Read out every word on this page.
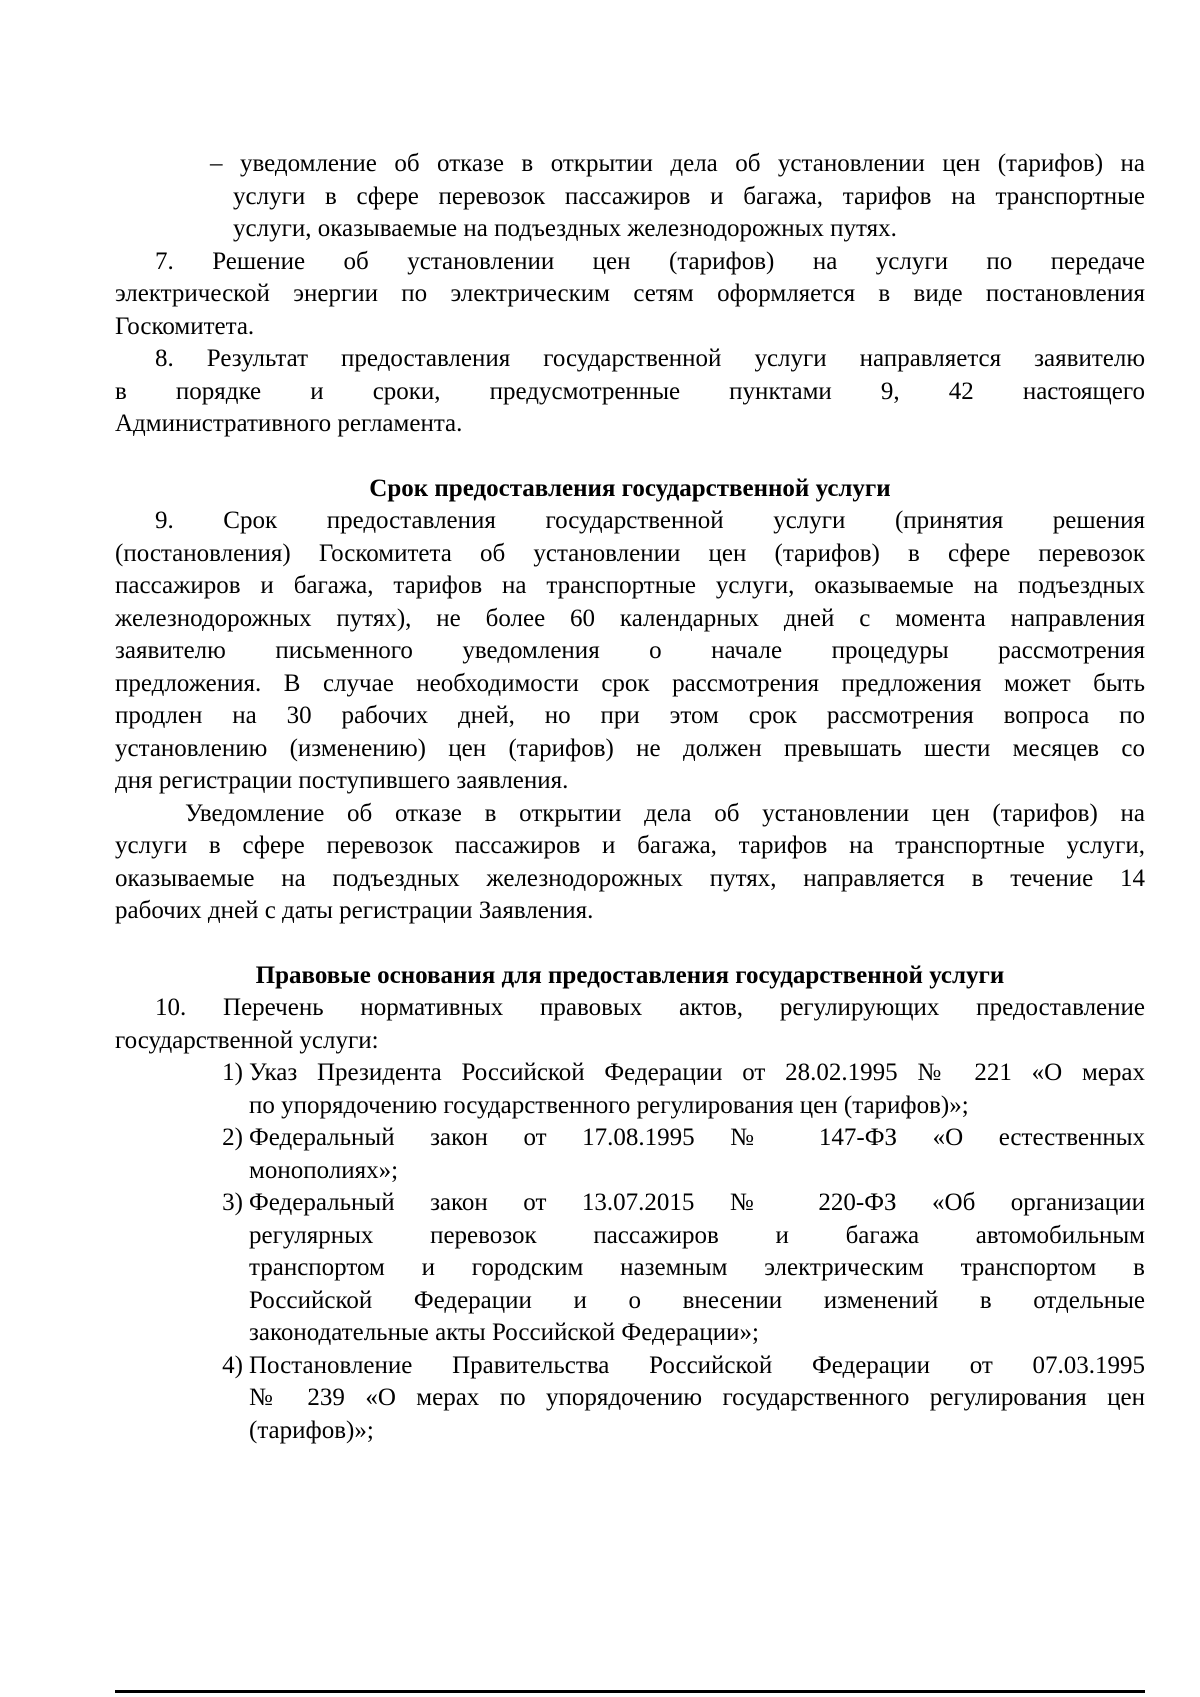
– уведомление об отказе в открытии дела об установлении цен (тарифов) на

услуги в сфере перевозок пассажиров и багажа, тарифов на транспортные

услуги, оказываемые на подъездных железнодорожных путях.

7. Решение об установлении цен (тарифов) на услуги по передаче

электрической энергии по электрическим сетям оформляется в виде постановления

Госкомитета.

8. Результат предоставления государственной услуги направляется заявителю

в порядке и сроки, предусмотренные пунктами 9, 42 настоящего

Административного регламента.

Срок предоставления государственной услуги

9. Срок предоставления государственной услуги (принятия решения

(постановления) Госкомитета об установлении цен (тарифов) в сфере перевозок

пассажиров и багажа, тарифов на транспортные услуги, оказываемые на подъездных

железнодорожных путях), не более 60 календарных дней с момента направления

заявителю письменного уведомления о начале процедуры рассмотрения

предложения. В случае необходимости срок рассмотрения предложения может быть

продлен на 30 рабочих дней, но при этом срок рассмотрения вопроса по

установлению (изменению) цен (тарифов) не должен превышать шести месяцев со

дня регистрации поступившего заявления.

Уведомление об отказе в открытии дела об установлении цен (тарифов) на

услуги в сфере перевозок пассажиров и багажа, тарифов на транспортные услуги,

оказываемые на подъездных железнодорожных путях, направляется в течение 14

рабочих дней с даты регистрации Заявления.

Правовые основания для предоставления государственной услуги

10. Перечень нормативных правовых актов, регулирующих предоставление

государственной услуги:

1) Указ Президента Российской Федерации от 28.02.1995 № 221 «О мерах

по упорядочению государственного регулирования цен (тарифов)»;

2) Федеральный закон от 17.08.1995 № 147-ФЗ «О естественных

монополиях»;

3) Федеральный закон от 13.07.2015 № 220-ФЗ «Об организации

регулярных перевозок пассажиров и багажа автомобильным

транспортом и городским наземным электрическим транспортом в

Российской Федерации и о внесении изменений в отдельные

законодательные акты Российской Федерации»;

4) Постановление Правительства Российской Федерации от 07.03.1995

№ 239 «О мерах по упорядочению государственного регулирования цен

(тарифов)»;
